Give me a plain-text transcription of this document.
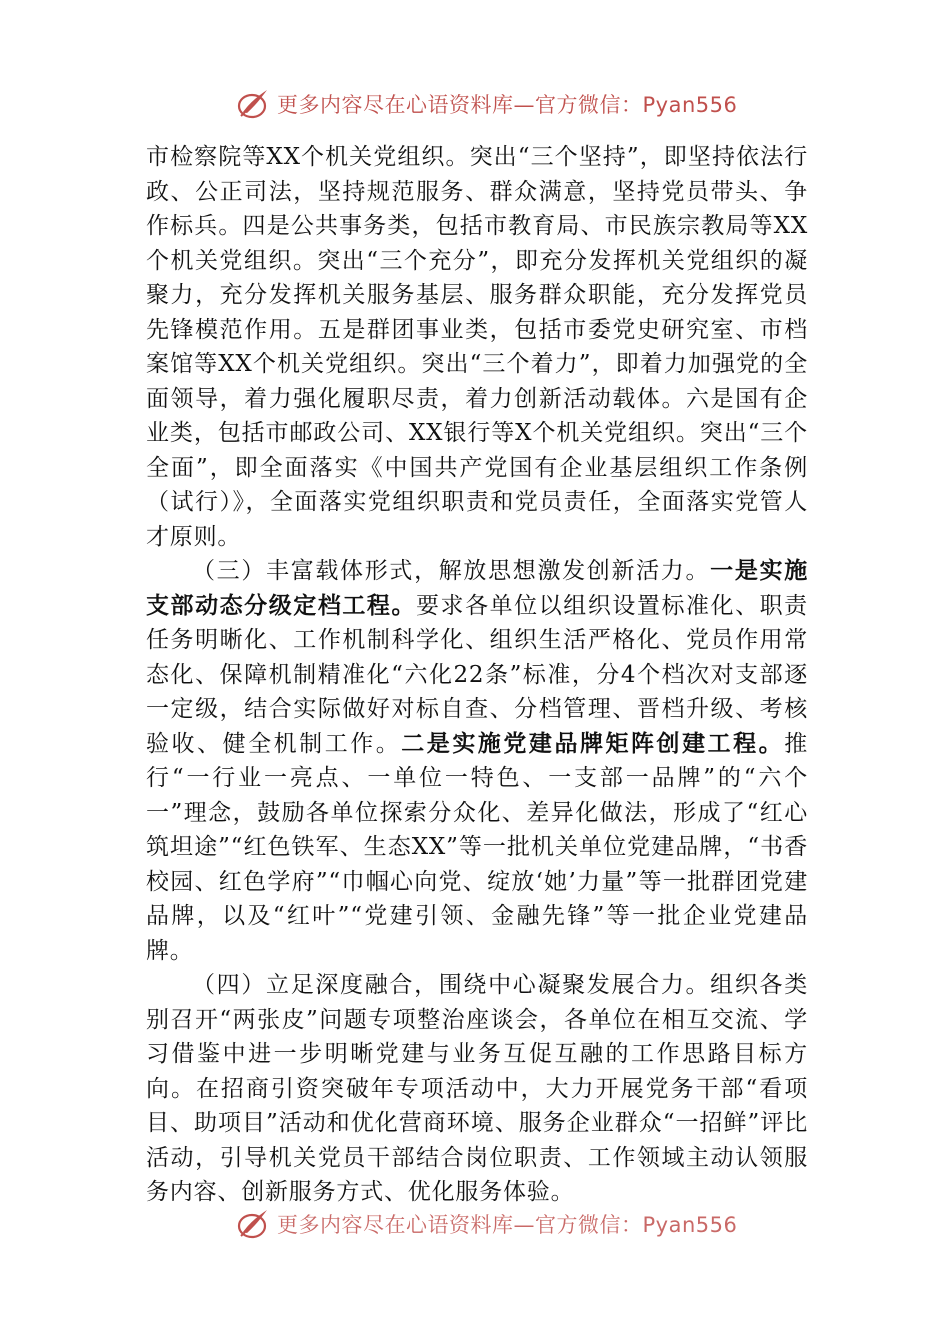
更多内容尽在心语资料库—官方微信：Pyan556

市检察院等XX个机关党组织。突出“三个坚持”，即坚持依法行政、公正司法，坚持规范服务、群众满意，坚持党员带头、争作标兵。四是公共事务类，包括市教育局、市民族宗教局等XX个机关党组织。突出“三个充分”，即充分发挥机关党组织的凝聚力，充分发挥机关服务基层、服务群众职能，充分发挥党员先锋模范作用。五是群团事业类，包括市委党史研究室、市档案馆等XX个机关党组织。突出“三个着力”，即着力加强党的全面领导，着力强化履职尽责，着力创新活动载体。六是国有企业类，包括市邮政公司、XX银行等X个机关党组织。突出“三个全面”，即全面落实《中国共产党国有企业基层组织工作条例（试行）》，全面落实党组织职责和党员责任，全面落实党管人才原则。

（三）丰富载体形式，解放思想激发创新活力。一是实施支部动态分级定档工程。要求各单位以组织设置标准化、职责任务明晰化、工作机制科学化、组织生活严格化、党员作用常态化、保障机制精准化“六化22条”标准，分4个档次对支部逐一定级，结合实际做好对标自查、分档管理、晋档升级、考核验收、健全机制工作。二是实施党建品牌矩阵创建工程。推行“一行业一亮点、一单位一特色、一支部一品牌”的“六个一”理念，鼓励各单位探索分众化、差异化做法，形成了“红心筑坦途”“红色铁军、生态XX”等一批机关单位党建品牌，“书香校园、红色学府”“巾帼心向党、绽放‘她’力量”等一批群团党建品牌，以及“红叶”“党建引领、金融先锋”等一批企业党建品牌。

（四）立足深度融合，围绕中心凝聚发展合力。组织各类别召开“两张皮”问题专项整治座谈会，各单位在相互交流、学习借鉴中进一步明晰党建与业务互促互融的工作思路目标方向。在招商引资突破年专项活动中，大力开展党务干部“看项目、助项目”活动和优化营商环境、服务企业群众“一招鲜”评比活动，引导机关党员干部结合岗位职责、工作领域主动认领服务内容、创新服务方式、优化服务体验。

更多内容尽在心语资料库—官方微信：Pyan556
